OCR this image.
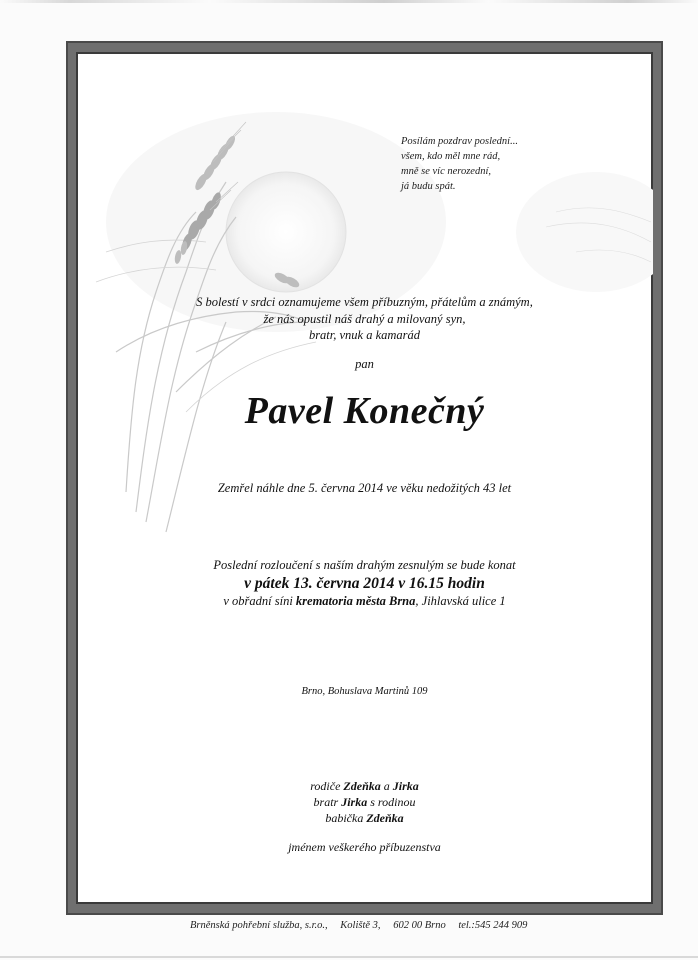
Posílám pozdrav poslední...
všem, kdo měl mne rád,
mně se víc nerozední,
já budu spát.
S bolestí v srdci oznamujeme všem příbuzným, přátelům a známým,
že nás opustil náš drahý a milovaný syn,
bratr, vnuk a kamarád
pan
Pavel Konečný
Zemřel náhle dne 5. června 2014 ve věku nedožitých 43 let
Poslední rozloučení s naším drahým zesnulým se bude konat
v pátek 13. června 2014 v 16.15 hodin
v obřadní síni krematoria města Brna, Jihlavská ulice 1
Brno, Bohuslava Martinů 109
rodiče Zdeňka a Jirka
bratr Jirka s rodinou
babička Zdeňka
jménem veškerého příbuzenstva
Brněnská pohřební služba, s.r.o., Koliště 3, 602 00 Brno tel.:545 244 909
